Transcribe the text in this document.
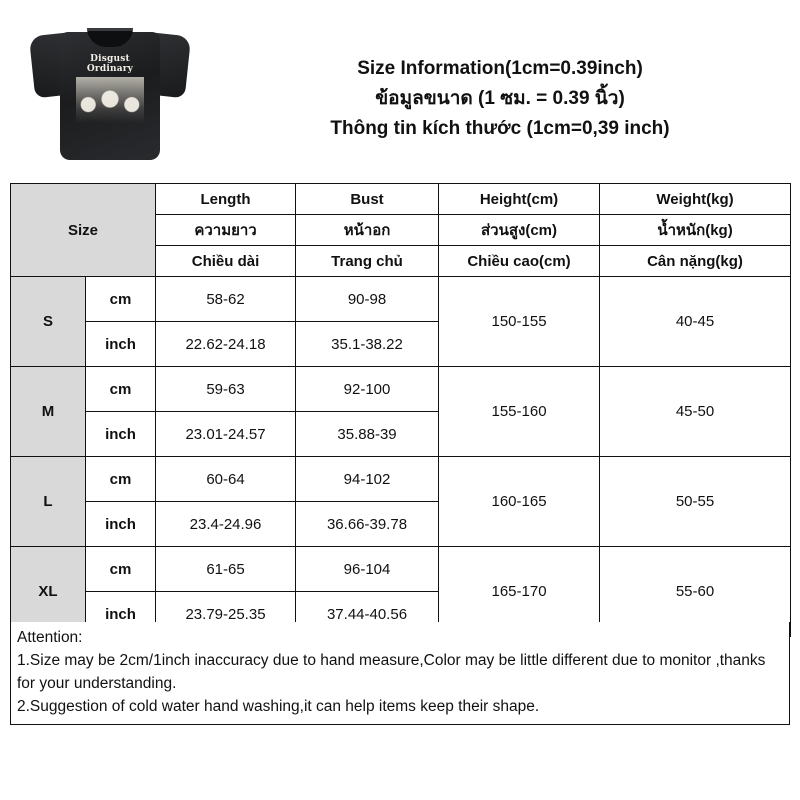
Disgust
Ordinary	Size Information(1cm=0.39inch)
ข้อมูลขนาด (1 ซม. = 0.39 นิ้ว)
Thông tin kích thước (1cm=0,39 inch)
Size		Length	Bust	Height(cm)	Weight(kg)
		ความยาว	หน้าอก	ส่วนสูง(cm)	น้ำหนัก(kg)
		Chiều dài	Trang chủ	Chiều cao(cm)	Cân nặng(kg)
S	cm	58-62	90-98	150-155	40-45
	inch	22.62-24.18	35.1-38.22		
M	cm	59-63	92-100	155-160	45-50
	inch	23.01-24.57	35.88-39		
L	cm	60-64	94-102	160-165	50-55
	inch	23.4-24.96	36.66-39.78		
XL	cm	61-65	96-104	165-170	55-60
	inch	23.79-25.35	37.44-40.56		

Attention:

1.Size may be 2cm/1inch inaccuracy due to hand measure,Color may be little different due to monitor ,thanks for your understanding.

2.Suggestion of cold water hand washing,it can help items keep their shape.
